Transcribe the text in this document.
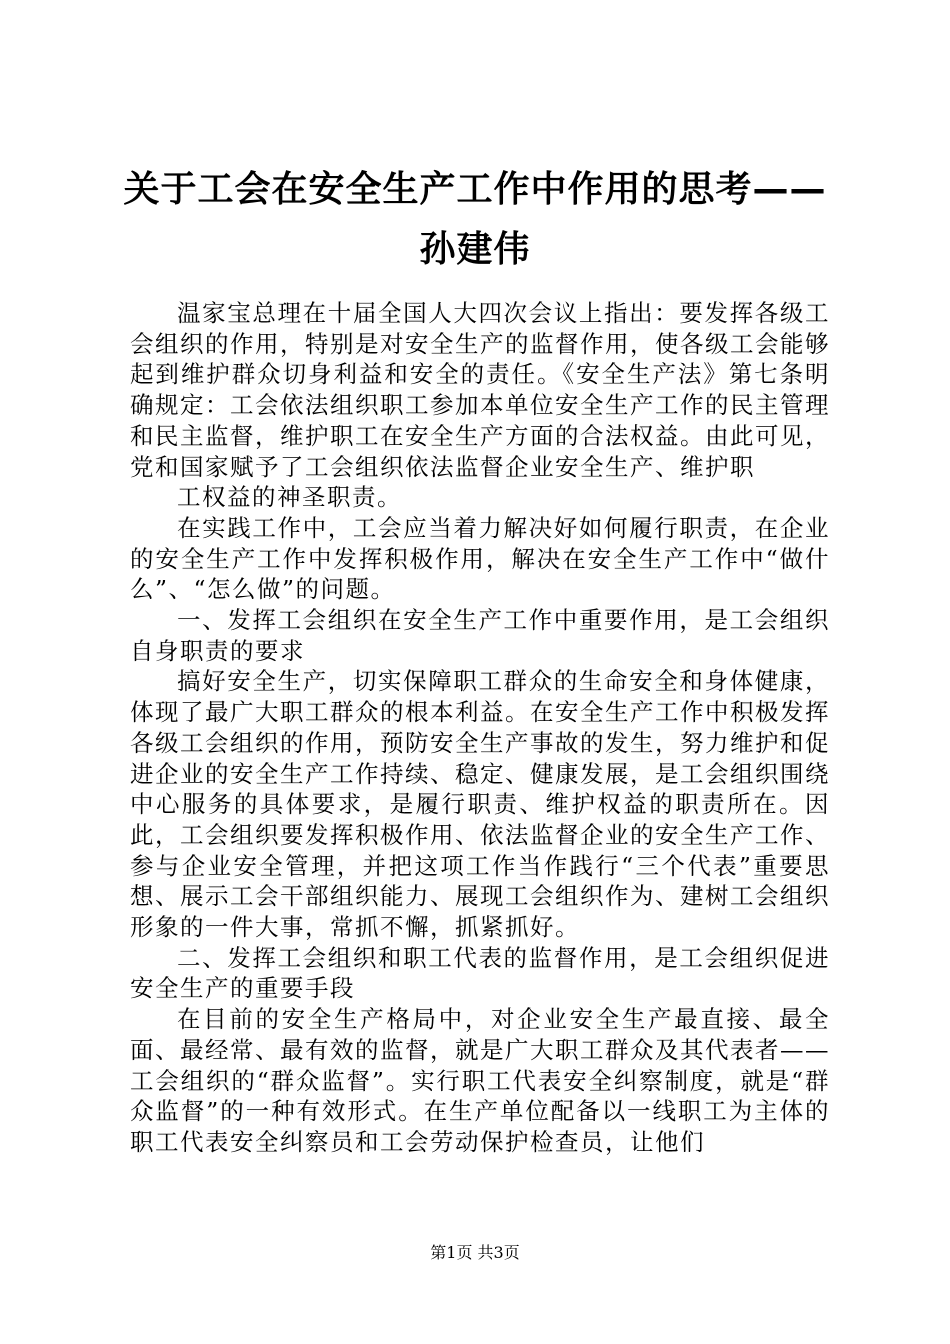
关于工会在安全生产工作中作用的思考——孙建伟

温家宝总理在十届全国人大四次会议上指出：要发挥各级工会组织的作用，特别是对安全生产的监督作用，使各级工会能够起到维护群众切身利益和安全的责任。《安全生产法》第七条明确规定：工会依法组织职工参加本单位安全生产工作的民主管理和民主监督，维护职工在安全生产方面的合法权益。由此可见，党和国家赋予了工会组织依法监督企业安全生产、维护职

工权益的神圣职责。

在实践工作中，工会应当着力解决好如何履行职责，在企业的安全生产工作中发挥积极作用，解决在安全生产工作中“做什么”、“怎么做”的问题。

一、发挥工会组织在安全生产工作中重要作用，是工会组织自身职责的要求

搞好安全生产，切实保障职工群众的生命安全和身体健康，体现了最广大职工群众的根本利益。在安全生产工作中积极发挥各级工会组织的作用，预防安全生产事故的发生，努力维护和促进企业的安全生产工作持续、稳定、健康发展，是工会组织围绕中心服务的具体要求，是履行职责、维护权益的职责所在。因此，工会组织要发挥积极作用、依法监督企业的安全生产工作、参与企业安全管理，并把这项工作当作践行“三个代表”重要思想、展示工会干部组织能力、展现工会组织作为、建树工会组织形象的一件大事，常抓不懈，抓紧抓好。

二、发挥工会组织和职工代表的监督作用，是工会组织促进安全生产的重要手段

在目前的安全生产格局中，对企业安全生产最直接、最全面、最经常、最有效的监督，就是广大职工群众及其代表者——工会组织的“群众监督”。实行职工代表安全纠察制度，就是“群众监督”的一种有效形式。在生产单位配备以一线职工为主体的职工代表安全纠察员和工会劳动保护检查员，让他们

第1页 共3页
